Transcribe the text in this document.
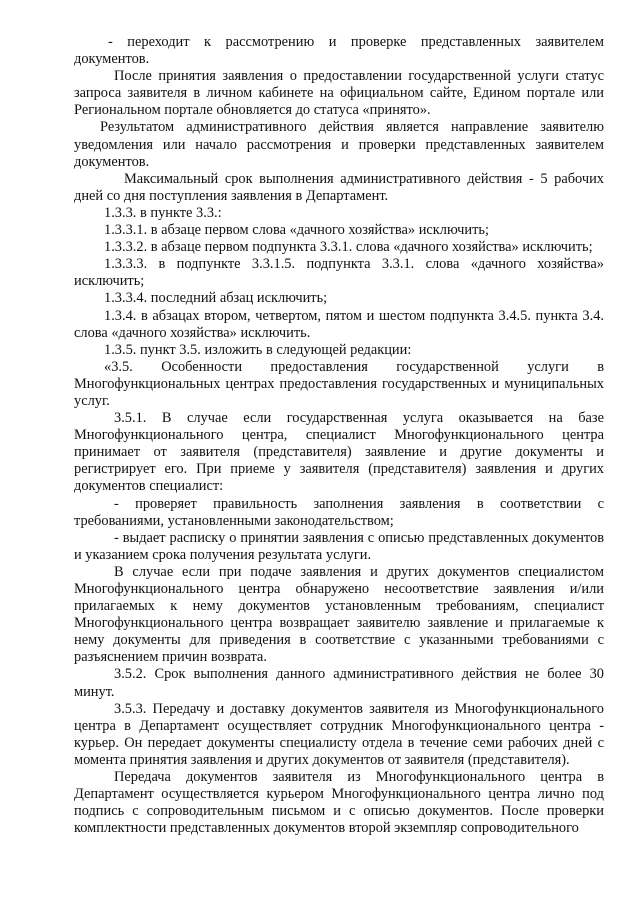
- переходит к рассмотрению и проверке представленных заявителем документов.

После принятия заявления о предоставлении государственной услуги статус запроса заявителя в личном кабинете на официальном сайте, Едином портале или Региональном портале обновляется до статуса «принято».

Результатом административного действия является направление заявителю уведомления или начало рассмотрения и проверки представленных заявителем документов.

Максимальный срок выполнения административного действия - 5 рабочих дней со дня поступления заявления в Департамент.

1.3.3. в пункте 3.3.:

1.3.3.1. в абзаце первом слова «дачного хозяйства» исключить;

1.3.3.2. в абзаце первом подпункта 3.3.1. слова «дачного хозяйства» исключить;

1.3.3.3. в подпункте 3.3.1.5. подпункта 3.3.1. слова «дачного хозяйства» исключить;

1.3.3.4. последний абзац исключить;

1.3.4. в абзацах втором, четвертом, пятом и шестом подпункта 3.4.5. пункта 3.4. слова «дачного хозяйства» исключить.

1.3.5. пункт 3.5. изложить в следующей редакции:

«3.5. Особенности предоставления государственной услуги в Многофункциональных центрах предоставления государственных и муниципальных услуг.

3.5.1. В случае если государственная услуга оказывается на базе Многофункционального центра, специалист Многофункционального центра принимает от заявителя (представителя) заявление и другие документы и регистрирует его. При приеме у заявителя (представителя) заявления и других документов специалист:

- проверяет правильность заполнения заявления в соответствии с требованиями, установленными законодательством;

- выдает расписку о принятии заявления с описью представленных документов и указанием срока получения результата услуги.

В случае если при подаче заявления и других документов специалистом Многофункционального центра обнаружено несоответствие заявления и/или прилагаемых к нему документов установленным требованиям, специалист Многофункционального центра возвращает заявителю заявление и прилагаемые к нему документы для приведения в соответствие с указанными требованиями с разъяснением причин возврата.

3.5.2. Срок выполнения данного административного действия не более 30 минут.

3.5.3. Передачу и доставку документов заявителя из Многофункционального центра в Департамент осуществляет сотрудник Многофункционального центра - курьер. Он передает документы специалисту отдела в течение семи рабочих дней с момента принятия заявления и других документов от заявителя (представителя).

Передача документов заявителя из Многофункционального центра в Департамент осуществляется курьером Многофункционального центра лично под подпись с сопроводительным письмом и с описью документов. После проверки комплектности представленных документов второй экземпляр сопроводительного
